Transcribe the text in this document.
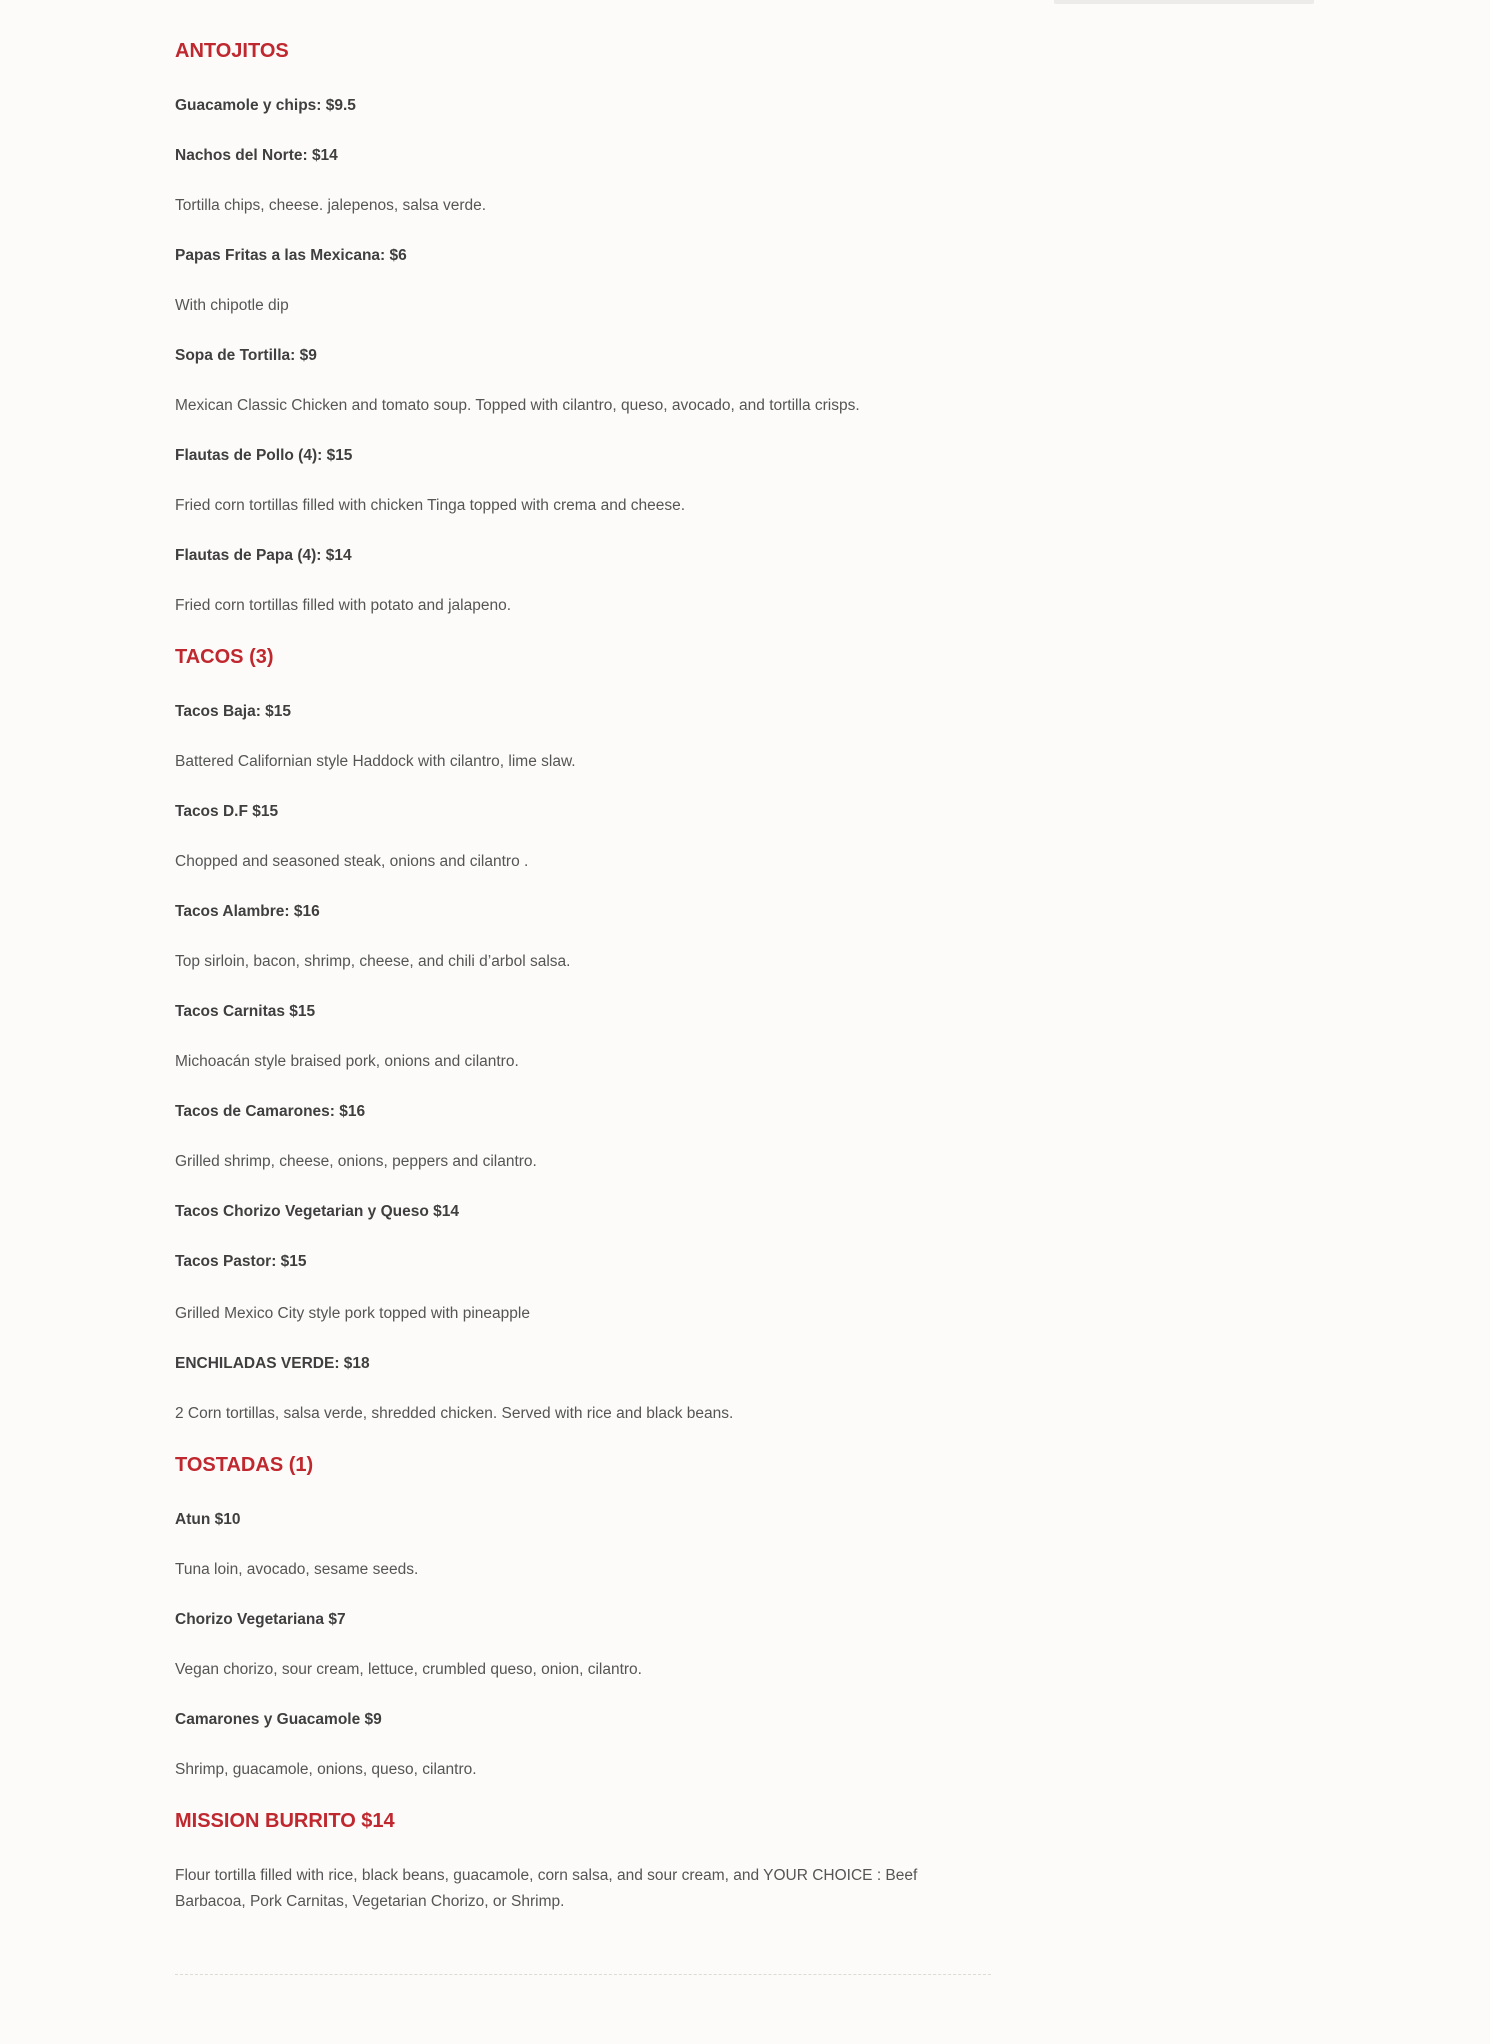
ANTOJITOS
Guacamole y chips: $9.5
Nachos del Norte: $14
Tortilla chips, cheese. jalepenos, salsa verde.
Papas Fritas a las Mexicana: $6
With chipotle dip
Sopa de Tortilla: $9
Mexican Classic Chicken and tomato soup. Topped with cilantro, queso, avocado, and tortilla crisps.
Flautas de Pollo (4): $15
Fried corn tortillas filled with chicken Tinga topped with crema and cheese.
Flautas de Papa (4): $14
Fried corn tortillas filled with potato and jalapeno.
TACOS (3)
Tacos Baja: $15
Battered Californian style Haddock with cilantro, lime slaw.
Tacos D.F $15
Chopped and seasoned steak, onions and cilantro .
Tacos Alambre: $16
Top sirloin, bacon, shrimp, cheese, and chili d’arbol salsa.
Tacos Carnitas $15
Michoacán style braised pork, onions and cilantro.
Tacos de Camarones: $16
Grilled shrimp, cheese, onions, peppers and cilantro.
Tacos Chorizo Vegetarian y Queso $14
Tacos Pastor: $15
Grilled Mexico City style pork topped with pineapple
ENCHILADAS VERDE: $18
2 Corn tortillas, salsa verde, shredded chicken. Served with rice and black beans.
TOSTADAS (1)
Atun $10
Tuna loin, avocado, sesame seeds.
Chorizo Vegetariana $7
Vegan chorizo, sour cream, lettuce, crumbled queso, onion, cilantro.
Camarones y Guacamole $9
Shrimp, guacamole, onions, queso, cilantro.
MISSION BURRITO $14
Flour tortilla filled with rice, black beans, guacamole, corn salsa, and sour cream, and YOUR CHOICE : Beef Barbacoa, Pork Carnitas, Vegetarian Chorizo, or Shrimp.
